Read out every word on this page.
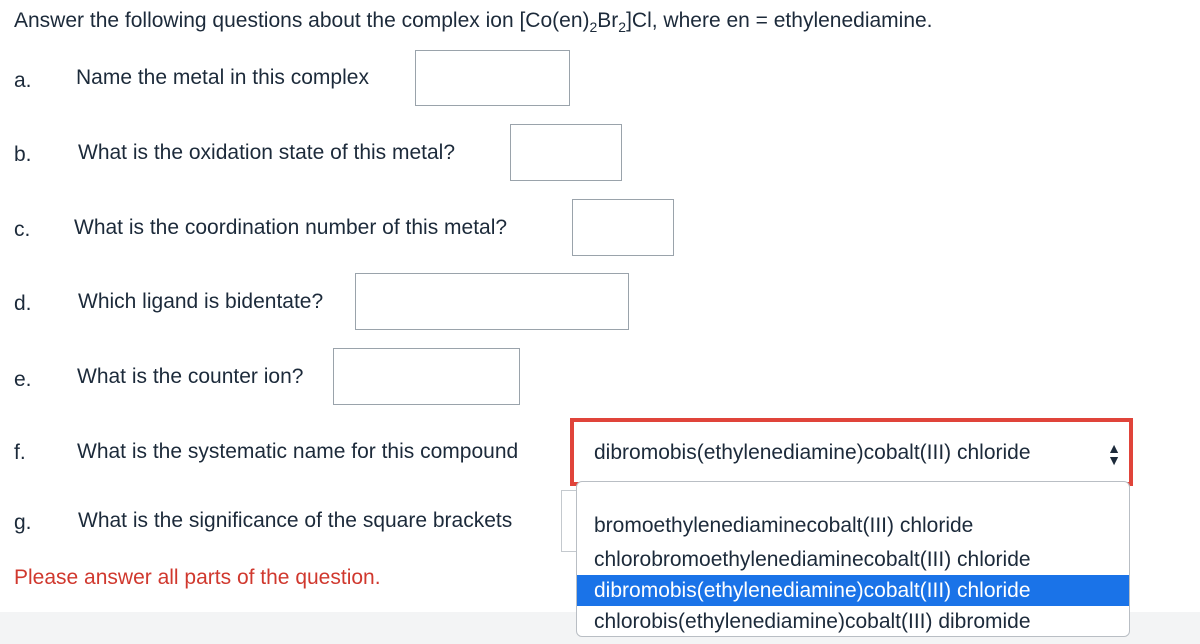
Answer the following questions about the complex ion $[Co(en)_2Br_2]Cl$, where en = ethylenediamine.
a. Name the metal in this complex
b. What is the oxidation state of this metal?
c. What is the coordination number of this metal?
d. Which ligand is bidentate?
e. What is the counter ion?
f. What is the systematic name for this compound	dibromobis(ethylenediamine)cobalt(III) chloride	▲
▼
g. What is the significance of the square brackets
Please answer all parts of the question.
bromoethylenediaminecobalt(III) chloride
chlorobromoethylenediaminecobalt(III) chloride
dibromobis(ethylenediamine)cobalt(III) chloride
chlorobis(ethylenediamine)cobalt(III) dibromide
